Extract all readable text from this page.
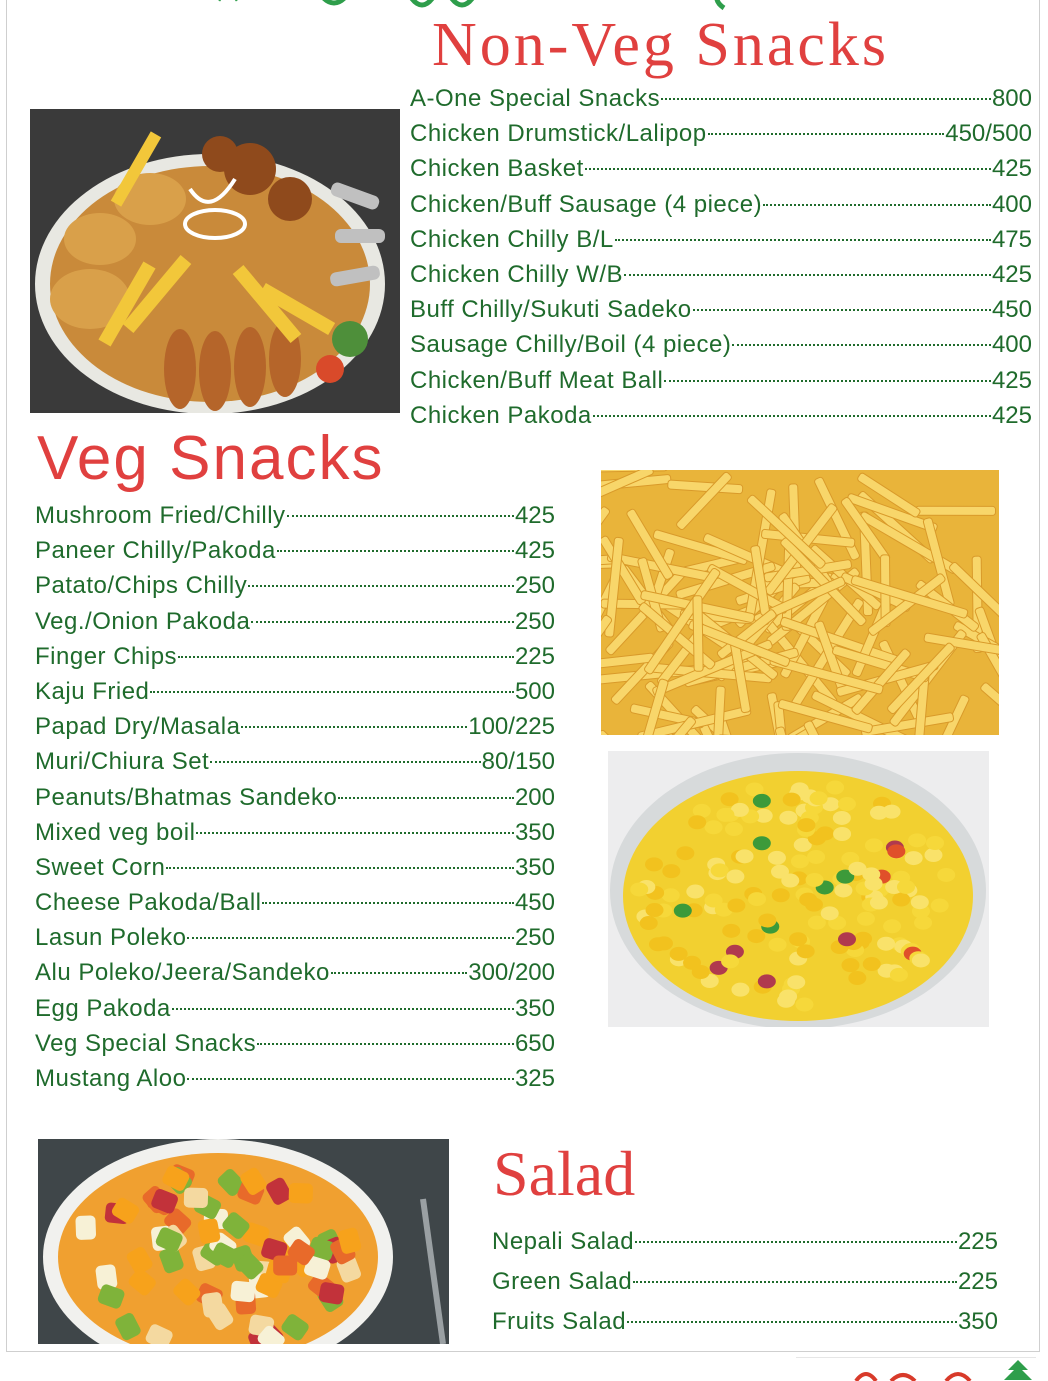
Non-Veg Snacks
A-One Special Snacks	800
Chicken Drumstick/Lalipop	450/500
Chicken Basket	425
Chicken/Buff Sausage (4 piece)	400
Chicken Chilly B/L	475
Chicken Chilly W/B	425
Buff Chilly/Sukuti Sadeko	450
Sausage Chilly/Boil (4 piece)	400
Chicken/Buff Meat Ball	425
Chicken Pakoda	425
Veg Snacks
Mushroom Fried/Chilly	425
Paneer Chilly/Pakoda	425
Patato/Chips Chilly	250
Veg./Onion Pakoda	250
Finger Chips	225
Kaju Fried	500
Papad Dry/Masala	100/225
Muri/Chiura Set	80/150
Peanuts/Bhatmas Sandeko	200
Mixed veg boil	350
Sweet Corn	350
Cheese Pakoda/Ball	450
Lasun Poleko	250
Alu Poleko/Jeera/Sandeko	300/200
Egg Pakoda	350
Veg Special Snacks	650
Mustang Aloo	325
Salad
Nepali Salad	225
Green Salad	225
Fruits Salad	350
